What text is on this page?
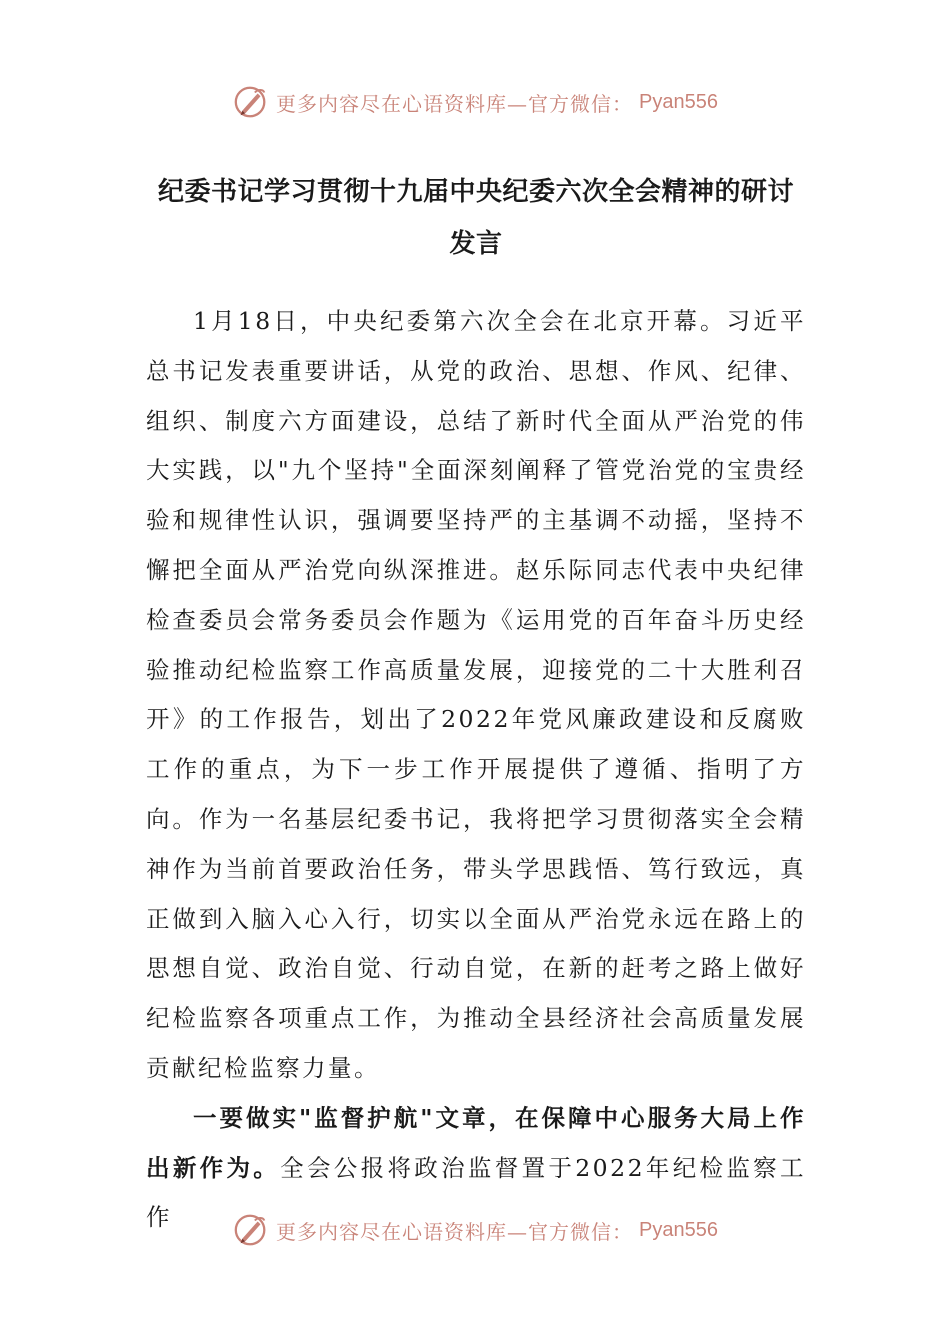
更多内容尽在心语资料库—官方微信： Pyan556
纪委书记学习贯彻十九届中央纪委六次全会精神的研讨发言

1月18日，中央纪委第六次全会在北京开幕。习近平总书记发表重要讲话，从党的政治、思想、作风、纪律、组织、制度六方面建设，总结了新时代全面从严治党的伟大实践，以"九个坚持"全面深刻阐释了管党治党的宝贵经验和规律性认识，强调要坚持严的主基调不动摇，坚持不懈把全面从严治党向纵深推进。赵乐际同志代表中央纪律检查委员会常务委员会作题为《运用党的百年奋斗历史经验推动纪检监察工作高质量发展，迎接党的二十大胜利召开》的工作报告，划出了2022年党风廉政建设和反腐败工作的重点，为下一步工作开展提供了遵循、指明了方向。作为一名基层纪委书记，我将把学习贯彻落实全会精神作为当前首要政治任务，带头学思践悟、笃行致远，真正做到入脑入心入行，切实以全面从严治党永远在路上的思想自觉、政治自觉、行动自觉，在新的赶考之路上做好纪检监察各项重点工作，为推动全县经济社会高质量发展贡献纪检监察力量。

一要做实"监督护航"文章，在保障中心服务大局上作出新作为。全会公报将政治监督置于2022年纪检监察工作

更多内容尽在心语资料库—官方微信： Pyan556
